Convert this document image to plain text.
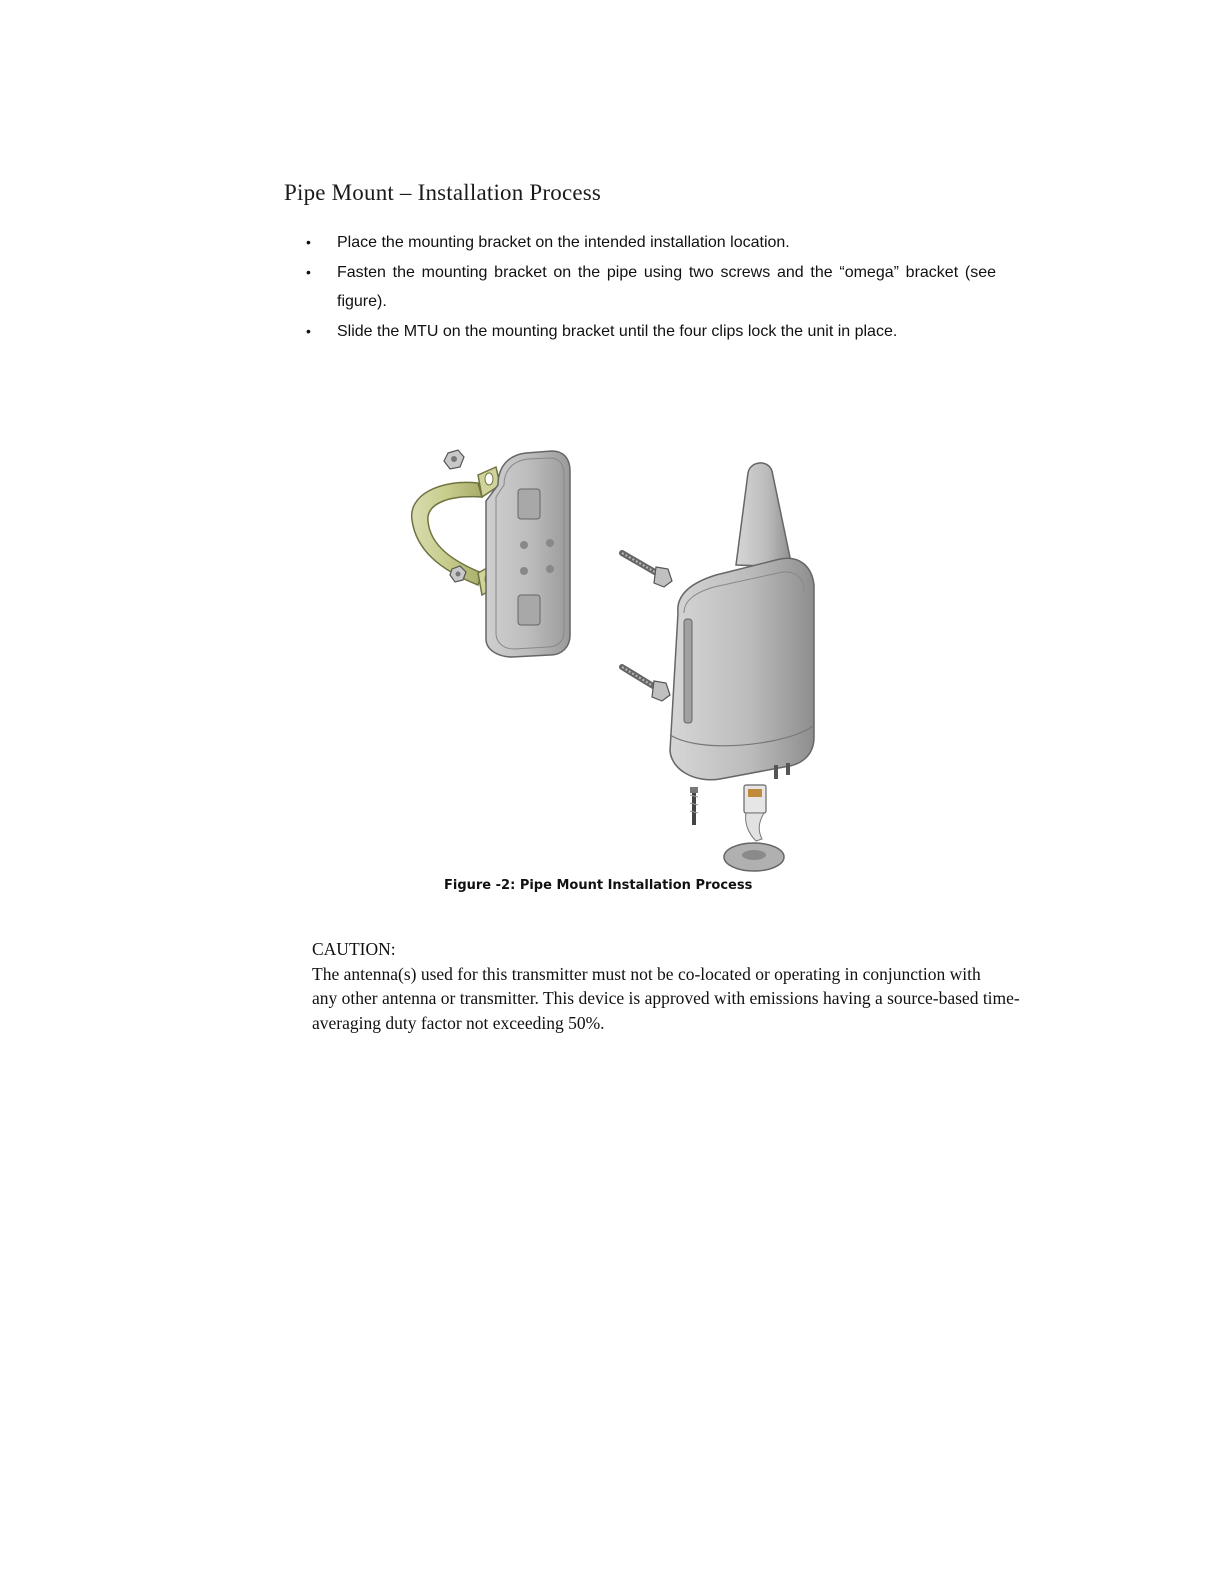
Pipe Mount – Installation Process
•	Place the mounting bracket on the intended installation location.
•	Fasten the mounting bracket on the pipe using two screws and the “omega” bracket (see figure).
•	Slide the MTU on the mounting bracket until the four clips lock the unit in place.

Figure -2: Pipe Mount Installation Process

CAUTION:

The antenna(s) used for this transmitter must not be co-located or operating in conjunction with

any other antenna or transmitter. This device is approved with emissions having a source-based time-

averaging duty factor not exceeding 50%.
